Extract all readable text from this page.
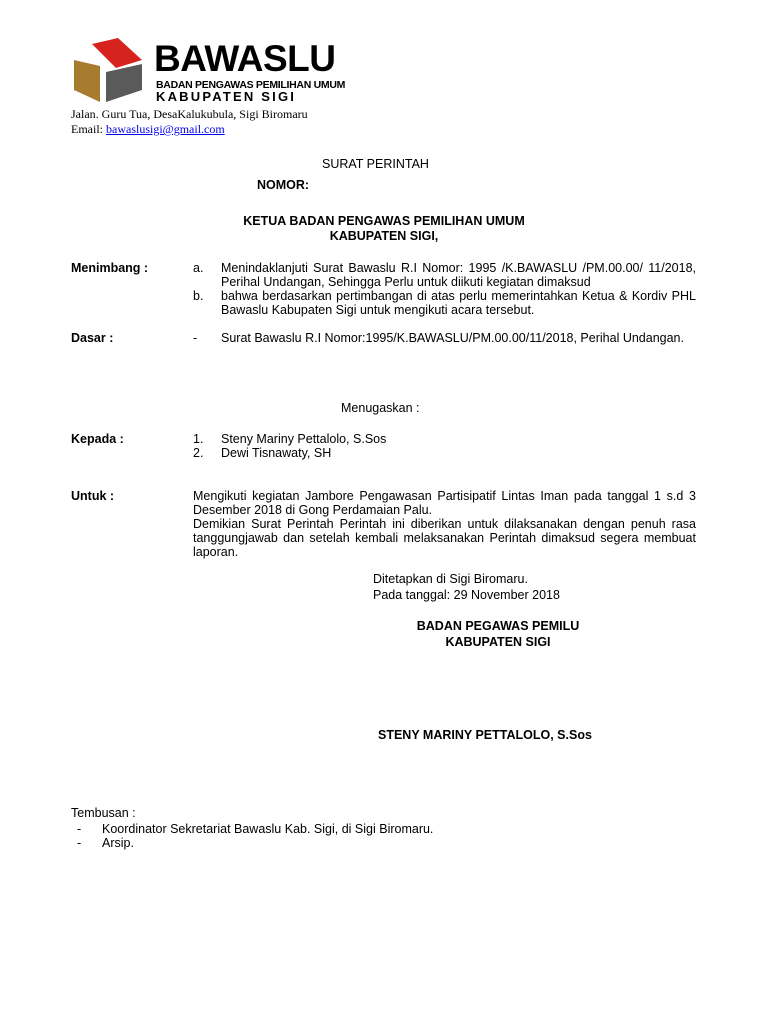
BAWASLU
BADAN PENGAWAS PEMILIHAN UMUM
KABUPATEN SIGI
Jalan. Guru Tua, DesaKalukubula, Sigi Biromaru
Email: bawaslusigi@gmail.com
SURAT PERINTAH
NOMOR:
KETUA BADAN PENGAWAS PEMILIHAN UMUM
KABUPATEN SIGI,
Menimbang :	a. Menindaklanjuti Surat Bawaslu R.I Nomor: 1995 /K.BAWASLU /PM.00.00/ 11/2018, Perihal Undangan, Sehingga Perlu untuk diikuti kegiatan dimaksud
b. bahwa berdasarkan pertimbangan di atas perlu memerintahkan Ketua & Kordiv PHL Bawaslu Kabupaten Sigi untuk mengikuti acara tersebut.
Dasar :	- Surat Bawaslu R.I Nomor:1995/K.BAWASLU/PM.00.00/11/2018, Perihal Undangan.
Menugaskan :
Kepada :	1. Steny Mariny Pettalolo, S.Sos
2. Dewi Tisnawaty, SH
Untuk :	Mengikuti kegiatan Jambore Pengawasan Partisipatif Lintas Iman pada tanggal 1 s.d 3 Desember 2018 di Gong Perdamaian Palu.
Demikian Surat Perintah Perintah ini diberikan untuk dilaksanakan dengan penuh rasa tanggungjawab dan setelah kembali melaksanakan Perintah dimaksud segera membuat laporan.
Ditetapkan di Sigi Biromaru.
Pada tanggal: 29 November 2018
BADAN PEGAWAS PEMILU
KABUPATEN SIGI
STENY MARINY PETTALOLO, S.Sos
Tembusan :
- Koordinator Sekretariat Bawaslu Kab. Sigi, di Sigi Biromaru.
- Arsip.
